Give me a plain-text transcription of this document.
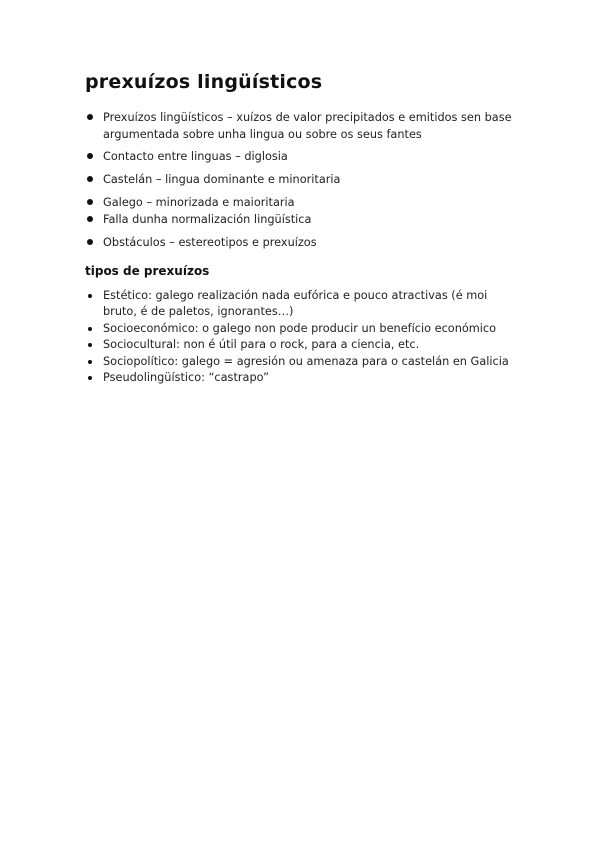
prexuízos lingüísticos
Prexuízos lingüísticos – xuízos de valor precipitados e emitidos sen base argumentada sobre unha lingua ou sobre os seus fantes
Contacto entre linguas – diglosia
Castelán – lingua dominante e minoritaria
Galego – minorizada e maioritaria
Falla dunha normalización lingüística
Obstáculos – estereotipos e prexuízos
tipos de prexuízos
Estético: galego realización nada eufórica e pouco atractivas (é moi bruto, é de paletos, ignorantes…)
Socioeconómico: o galego non pode producir un benefício económico
Sociocultural: non é útil para o rock, para a ciencia, etc.
Sociopolítico: galego = agresión ou amenaza para o castelán en Galicia
Pseudolingüístico: “castrapo”
